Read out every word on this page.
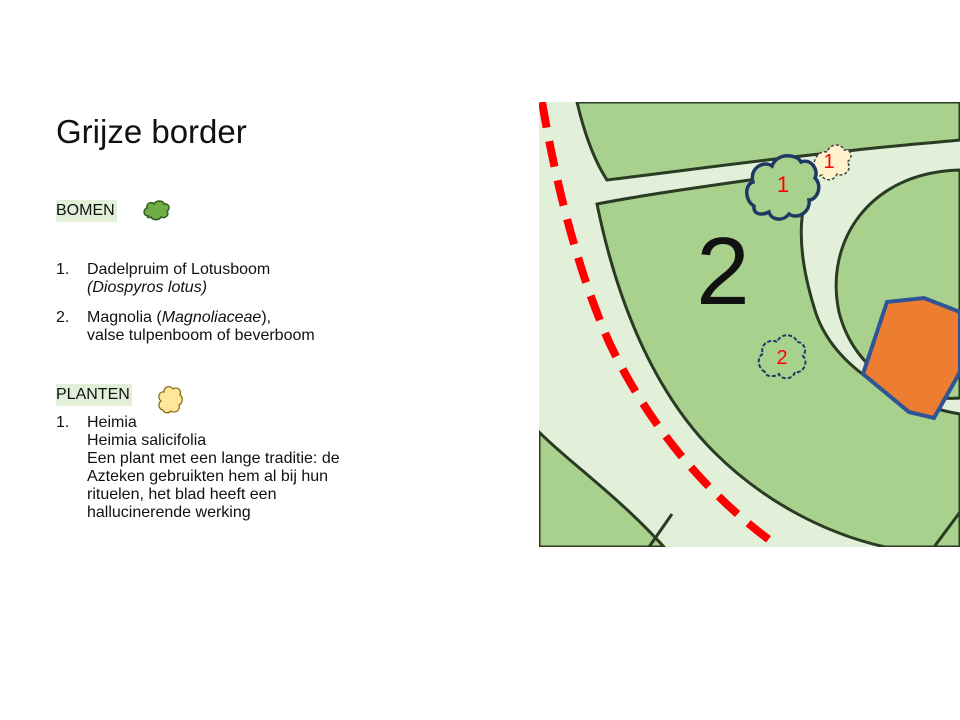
Grijze border
BOMEN
1. Dadelpruim of Lotusboom
(Diospyros lotus)
2. Magnolia (Magnoliaceae),
valse tulpenboom of beverboom
PLANTEN
1. Heimia
Heimia salicifolia
Een plant met een lange traditie: de
Azteken gebruikten hem al bij hun
rituelen, het blad heeft een
hallucinerende werking
2
1
1
2
